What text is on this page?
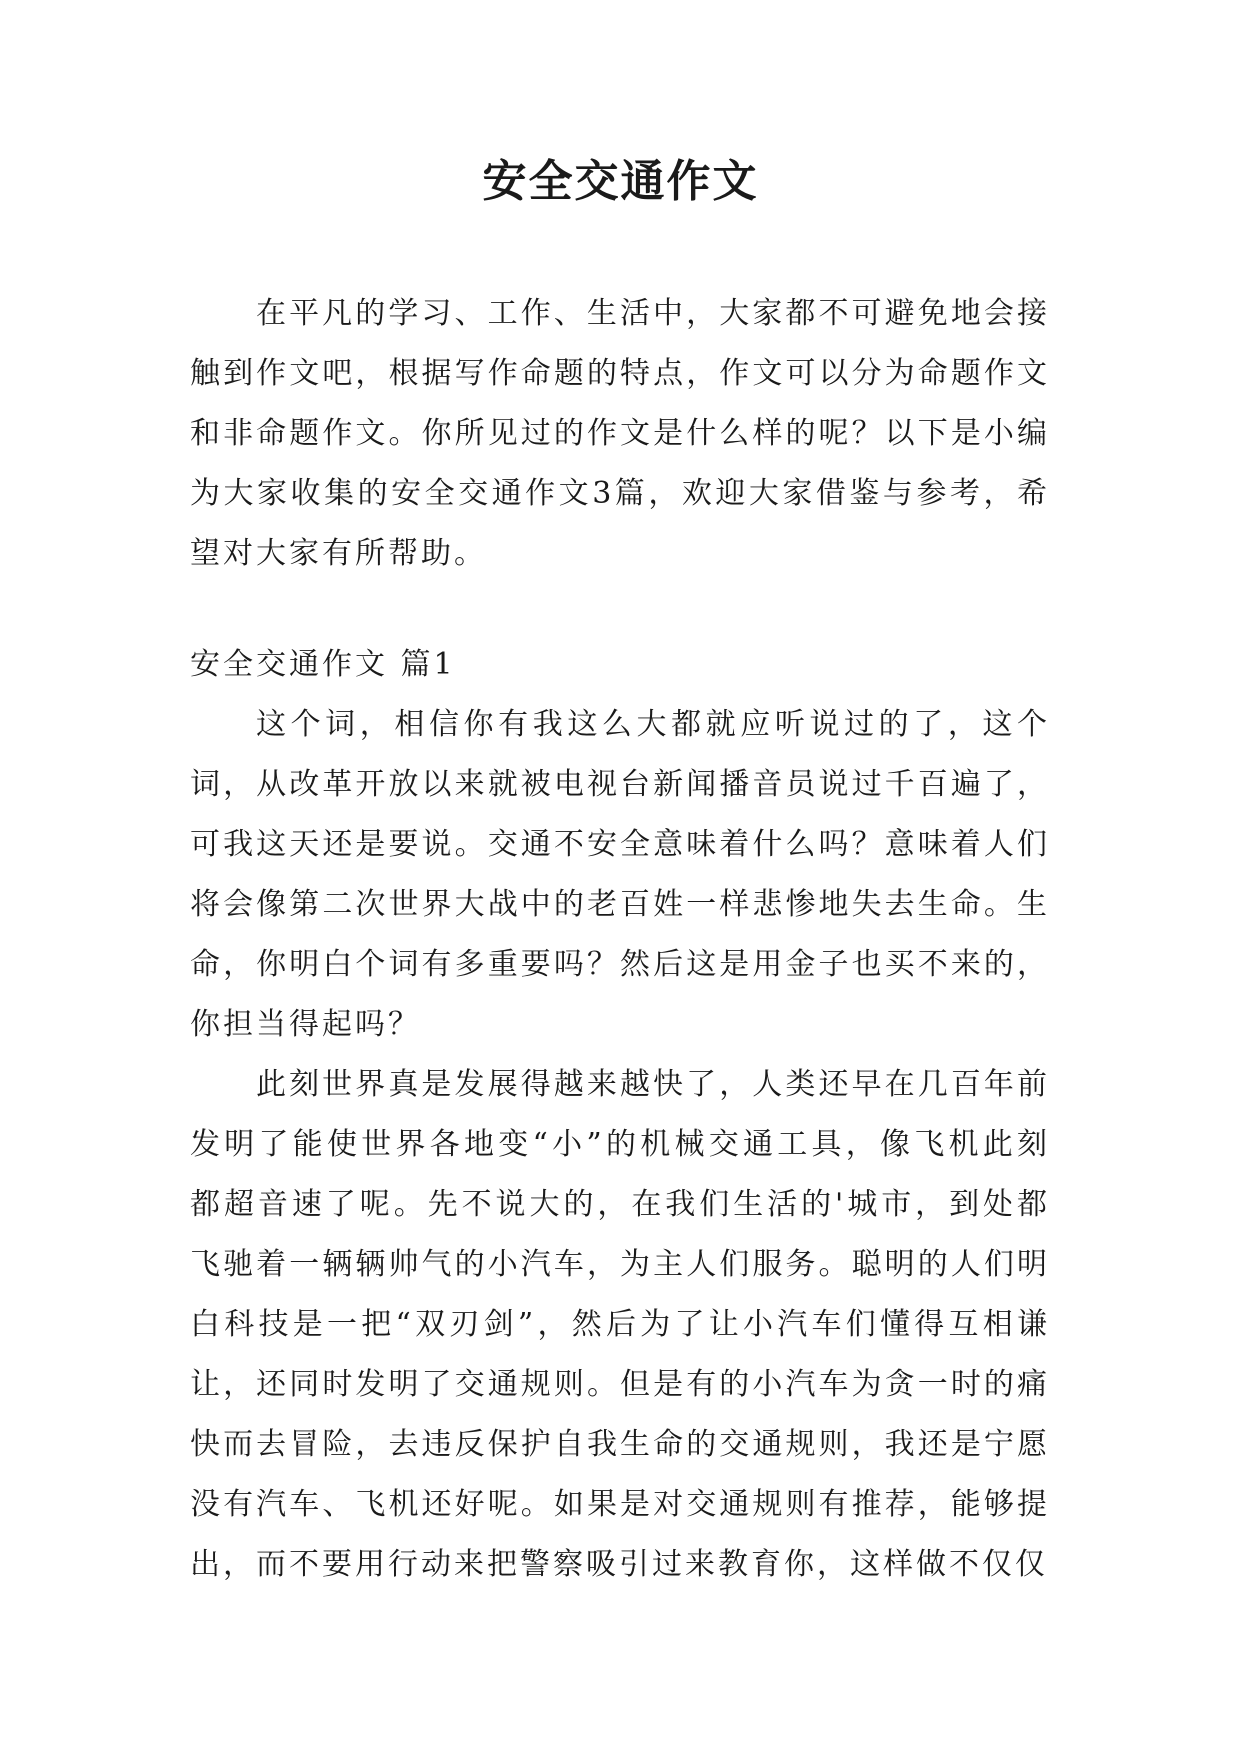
安全交通作文

在平凡的学习、工作、生活中，大家都不可避免地会接触到作文吧，根据写作命题的特点，作文可以分为命题作文和非命题作文。你所见过的作文是什么样的呢？以下是小编为大家收集的安全交通作文3篇，欢迎大家借鉴与参考，希望对大家有所帮助。

安全交通作文 篇1

这个词，相信你有我这么大都就应听说过的了，这个词，从改革开放以来就被电视台新闻播音员说过千百遍了，可我这天还是要说。交通不安全意味着什么吗？意味着人们将会像第二次世界大战中的老百姓一样悲惨地失去生命。生命，你明白个词有多重要吗？然后这是用金子也买不来的，你担当得起吗？

此刻世界真是发展得越来越快了，人类还早在几百年前发明了能使世界各地变“小”的机械交通工具，像飞机此刻都超音速了呢。先不说大的，在我们生活的'城市，到处都飞驰着一辆辆帅气的小汽车，为主人们服务。聪明的人们明白科技是一把“双刃剑”，然后为了让小汽车们懂得互相谦让，还同时发明了交通规则。但是有的小汽车为贪一时的痛快而去冒险，去违反保护自我生命的交通规则，我还是宁愿没有汽车、飞机还好呢。如果是对交通规则有推荐，能够提出，而不要用行动来把警察吸引过来教育你，这样做不仅仅
